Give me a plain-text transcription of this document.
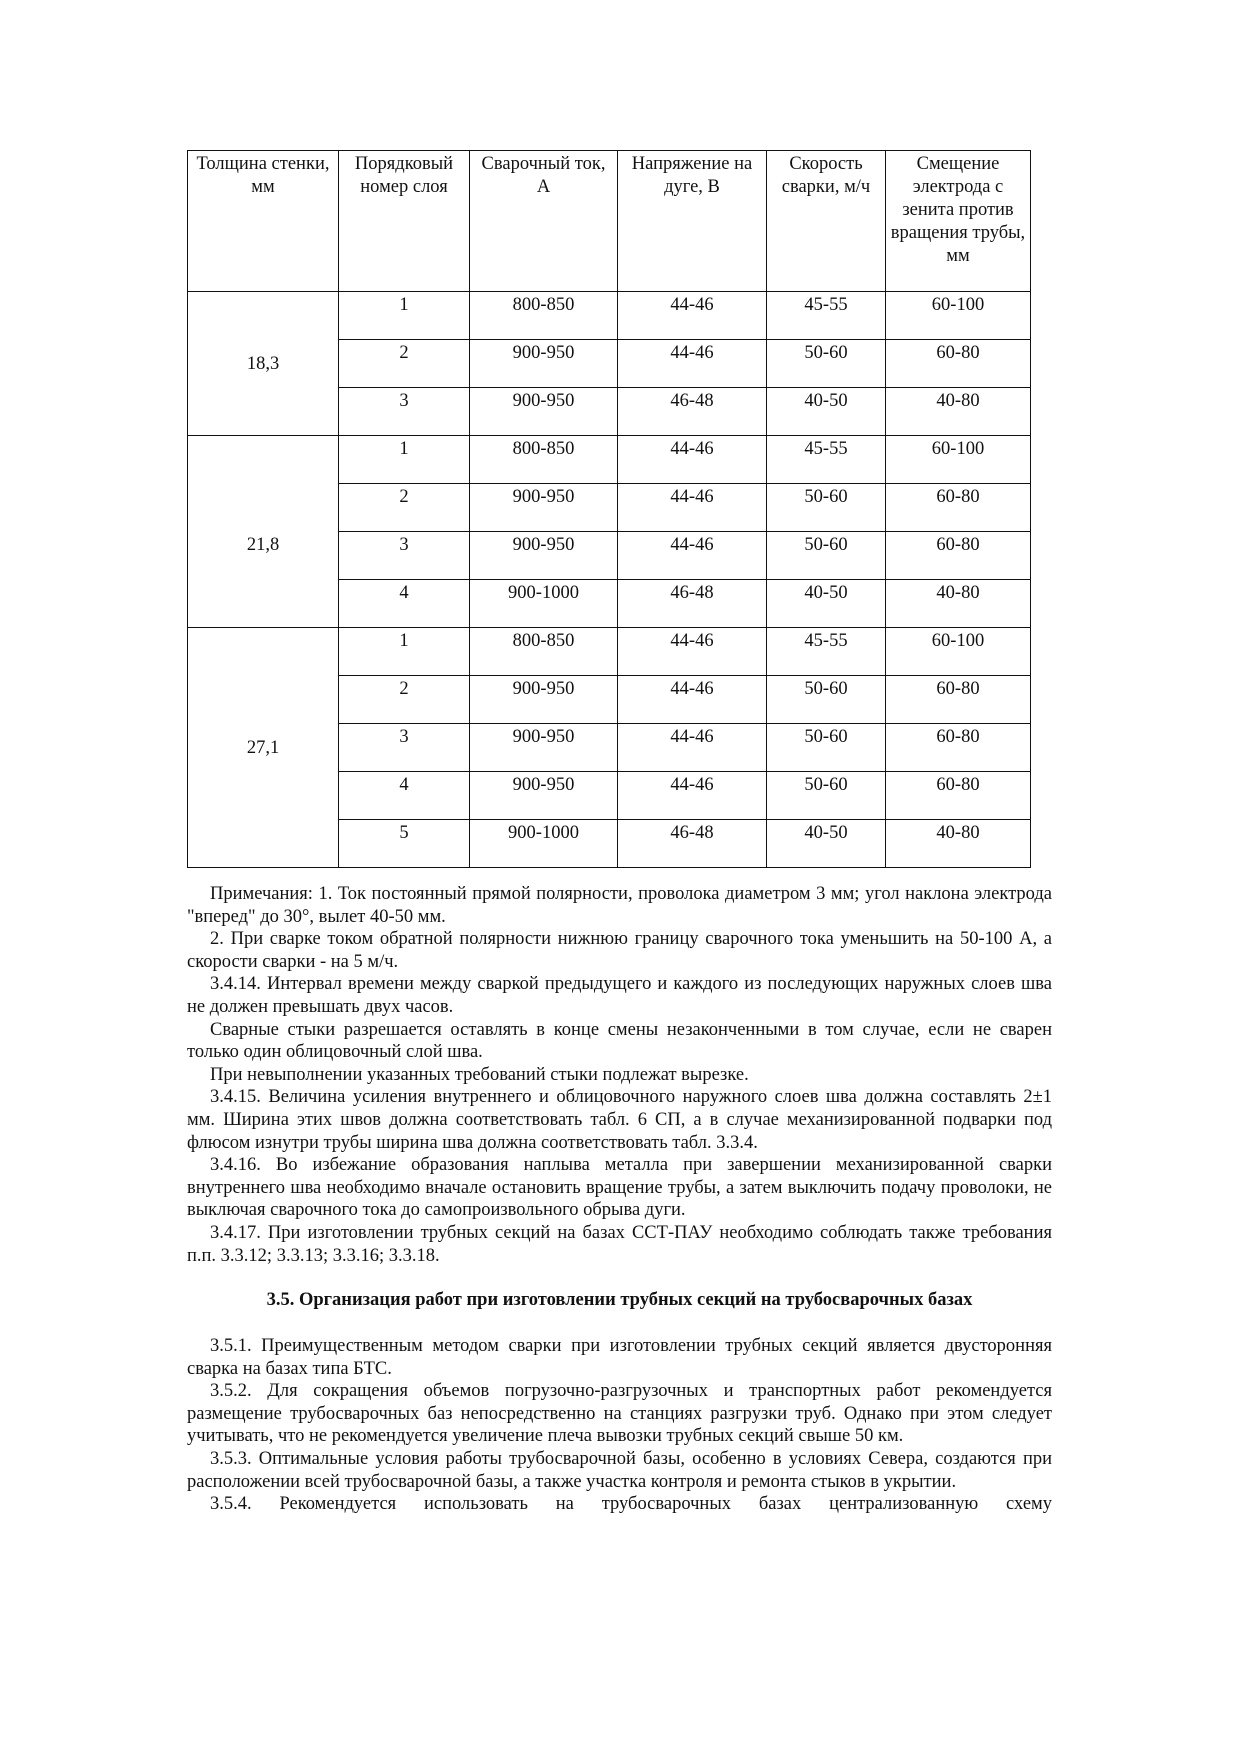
Толщина стенки, мм	Порядковый номер слоя	Сварочный ток, А	Напряжение на дуге, В	Скорость сварки, м/ч	Смещение электрода с зенита против вращения трубы, мм
18,3	1	800-850	44-46	45-55	60-100
	2	900-950	44-46	50-60	60-80
	3	900-950	46-48	40-50	40-80
21,8	1	800-850	44-46	45-55	60-100
	2	900-950	44-46	50-60	60-80
	3	900-950	44-46	50-60	60-80
	4	900-1000	46-48	40-50	40-80
27,1	1	800-850	44-46	45-55	60-100
	2	900-950	44-46	50-60	60-80
	3	900-950	44-46	50-60	60-80
	4	900-950	44-46	50-60	60-80
	5	900-1000	46-48	40-50	40-80

Примечания: 1. Ток постоянный прямой полярности, проволока диаметром 3 мм; угол наклона электрода "вперед" до 30°, вылет 40-50 мм.

2. При сварке током обратной полярности нижнюю границу сварочного тока уменьшить на 50-100 А, а скорости сварки - на 5 м/ч.

3.4.14. Интервал времени между сваркой предыдущего и каждого из последующих наружных слоев шва не должен превышать двух часов.

Сварные стыки разрешается оставлять в конце смены незаконченными в том случае, если не сварен только один облицовочный слой шва.

При невыполнении указанных требований стыки подлежат вырезке.

3.4.15. Величина усиления внутреннего и облицовочного наружного слоев шва должна составлять 2±1 мм. Ширина этих швов должна соответствовать табл. 6 СП, а в случае механизированной подварки под флюсом изнутри трубы ширина шва должна соответствовать табл. 3.3.4.

3.4.16. Во избежание образования наплыва металла при завершении механизированной сварки внутреннего шва необходимо вначале остановить вращение трубы, а затем выключить подачу проволоки, не выключая сварочного тока до самопроизвольного обрыва дуги.

3.4.17. При изготовлении трубных секций на базах ССТ-ПАУ необходимо соблюдать также требования п.п. 3.3.12; 3.3.13; 3.3.16; 3.3.18.

3.5. Организация работ при изготовлении трубных секций на трубосварочных базах

3.5.1. Преимущественным методом сварки при изготовлении трубных секций является двусторонняя сварка на базах типа БТС.

3.5.2. Для сокращения объемов погрузочно-разгрузочных и транспортных работ рекомендуется размещение трубосварочных баз непосредственно на станциях разгрузки труб. Однако при этом следует учитывать, что не рекомендуется увеличение плеча вывозки трубных секций свыше 50 км.

3.5.3. Оптимальные условия работы трубосварочной базы, особенно в условиях Севера, создаются при расположении всей трубосварочной базы, а также участка контроля и ремонта стыков в укрытии.

3.5.4. Рекомендуется использовать на трубосварочных базах централизованную схему
